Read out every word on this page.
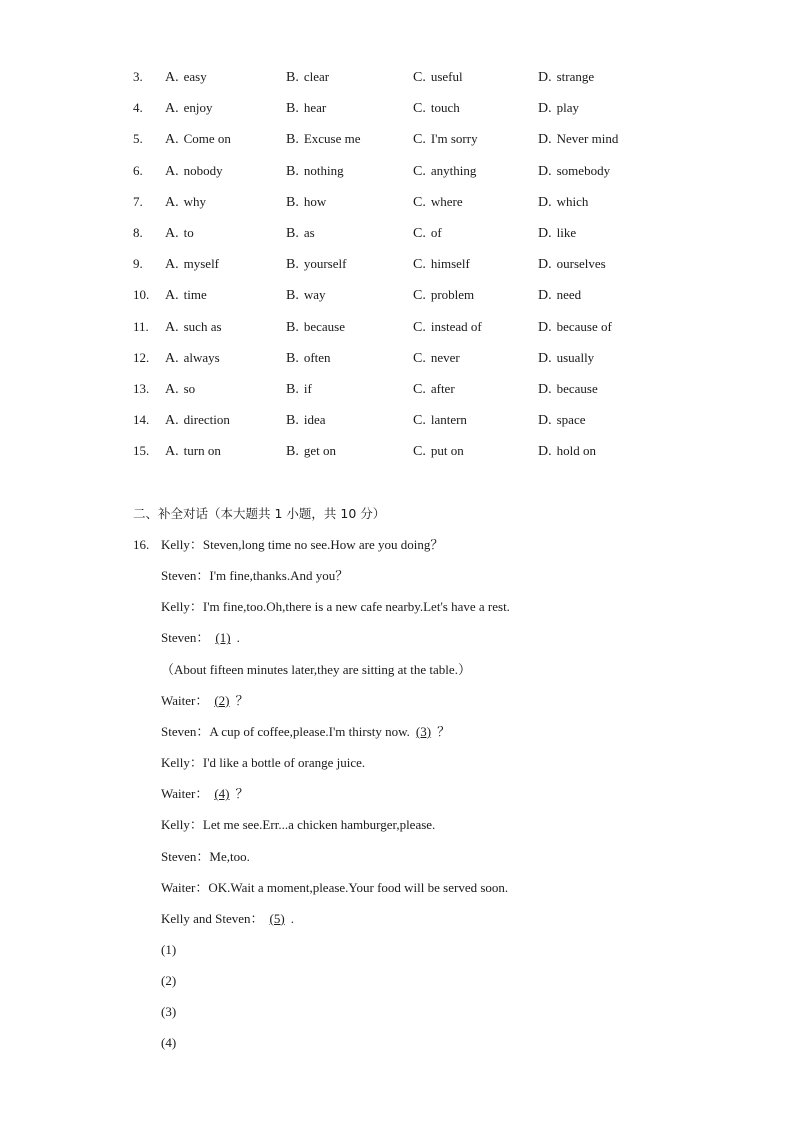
3. A. easy	B. clear	C. useful	D. strange
4. A. enjoy	B. hear	C. touch	D. play
5. A. Come on	B. Excuse me	C. I'm sorry	D. Never mind
6. A. nobody	B. nothing	C. anything	D. somebody
7. A. why	B. how	C. where	D. which
8. A. to	B. as	C. of	D. like
9. A. myself	B. yourself	C. himself	D. ourselves
10. A. time	B. way	C. problem	D. need
11. A. such as	B. because	C. instead of	D. because of
12. A. always	B. often	C. never	D. usually
13. A. so	B. if	C. after	D. because
14. A. direction	B. idea	C. lantern	D. space
15. A. turn on	B. get on	C. put on	D. hold on
二、补全对话（本大题共 1 小题，共 10 分）
16. Kelly：Steven,long time no see.How are you doing？
Steven：I'm fine,thanks.And you？
Kelly：I'm fine,too.Oh,there is a new cafe nearby.Let's have a rest.
Steven： (1) .
（About fifteen minutes later,they are sitting at the table.）
Waiter： (2) ？
Steven：A cup of coffee,please.I'm thirsty now. (3) ？
Kelly：I'd like a bottle of orange juice.
Waiter： (4) ？
Kelly：Let me see.Err...a chicken hamburger,please.
Steven：Me,too.
Waiter：OK.Wait a moment,please.Your food will be served soon.
Kelly and Steven： (5) .
(1)
(2)
(3)
(4)
